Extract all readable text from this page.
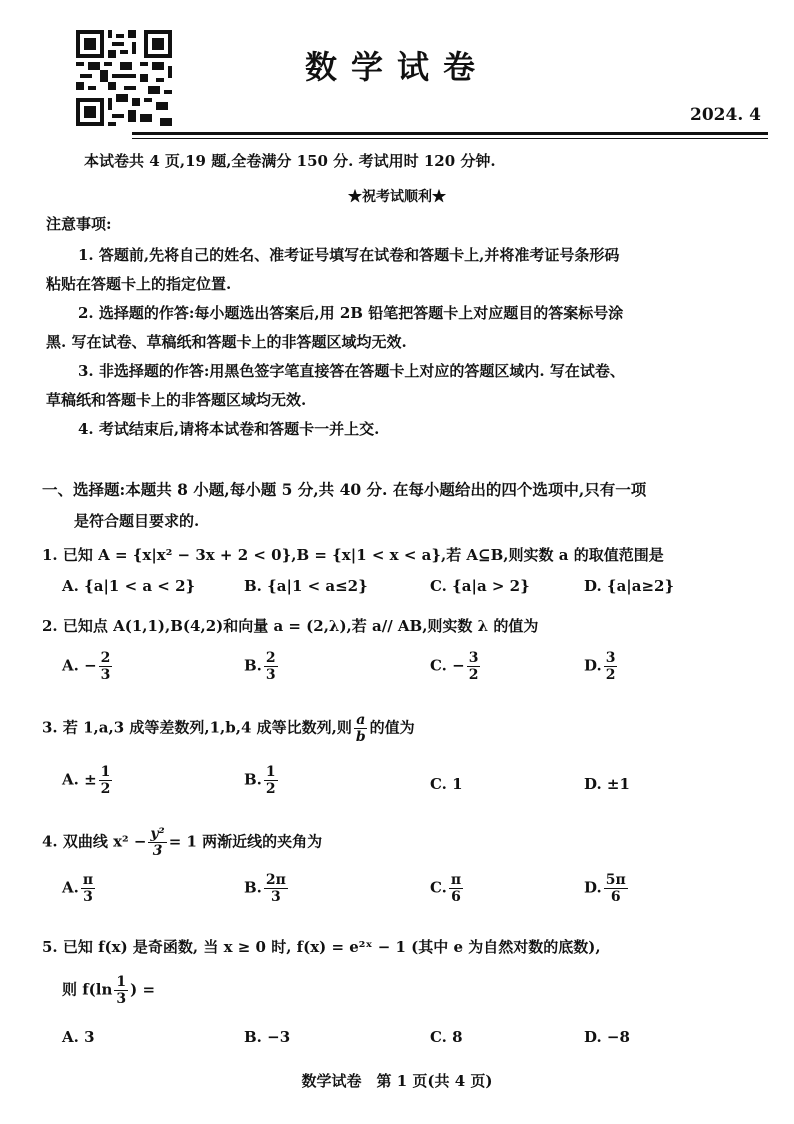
数学试卷
2024. 4
本试卷共 4 页,19 题,全卷满分 150 分. 考试用时 120 分钟.
★祝考试顺利★
注意事项:
1. 答题前,先将自己的姓名、准考证号填写在试卷和答题卡上,并将准考证号条形码
粘贴在答题卡上的指定位置.
2. 选择题的作答:每小题选出答案后,用 2B 铅笔把答题卡上对应题目的答案标号涂
黑. 写在试卷、草稿纸和答题卡上的非答题区域均无效.
3. 非选择题的作答:用黑色签字笔直接答在答题卡上对应的答题区域内. 写在试卷、
草稿纸和答题卡上的非答题区域均无效.
4. 考试结束后,请将本试卷和答题卡一并上交.
一、选择题:本题共 8 小题,每小题 5 分,共 40 分. 在每小题给出的四个选项中,只有一项
是符合题目要求的.
1. 已知 A = {x|x² − 3x + 2 < 0},B = {x|1 < x < a},若 A⊆B,则实数 a 的取值范围是
A. {a|1 < a < 2}	B. {a|1 < a≤2}	C. {a|a > 2}	D. {a|a≥2}
2. 已知点 A(1,1),B(4,2)和向量 a = (2,λ),若 a// AB,则实数 λ 的值为
A. − $\frac{2}{3}$	B. $\frac{2}{3}$	C. − $\frac{3}{2}$	D. $\frac{3}{2}$
3. 若 1,a,3 成等差数列,1,b,4 成等比数列,则 $\frac{a}{b}$ 的值为
A. ± $\frac{1}{2}$	B. $\frac{1}{2}$	C. 1	D. ±1
4. 双曲线 $x^2 - \frac{\text{y²}}{3} = 1$ 两渐近线的夹角为
A. $\frac{\pi}{3}$	B. $\frac{2\pi}{3}$	C. $\frac{\pi}{6}$	D. $\frac{5\pi}{6}$
5. 已知 f(x) 是奇函数, 当 x ≥ 0 时, f(x) = e²ˣ − 1 (其中 e 为自然对数的底数),
则 $f(\ln \frac{1}{3}$ ) =
A. 3	B. −3	C. 8	D. −8
数学试卷　第 1 页(共 4 页)
